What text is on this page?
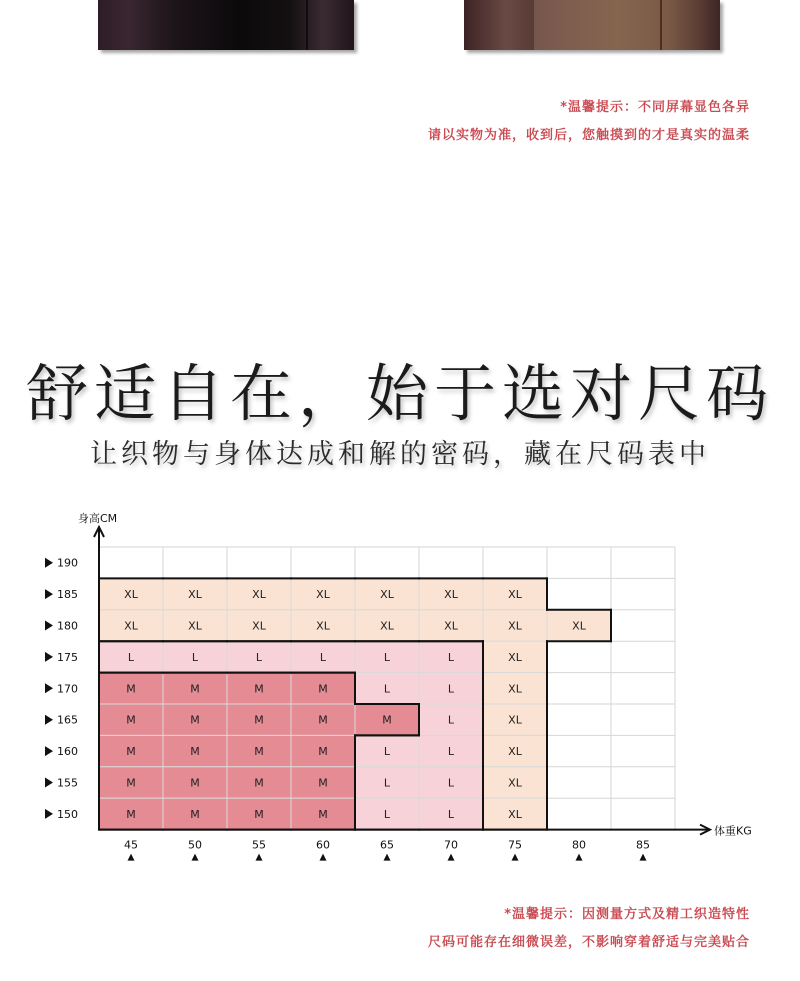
*温馨提示：不同屏幕显色各异
请以实物为准，收到后，您触摸到的才是真实的温柔
舒适自在，始于选对尺码
让织物与身体达成和解的密码，藏在尺码表中
XL	XL	XL	XL	XL	XL	XL
XL	XL	XL	XL	XL	XL	XL	XL
L	L	L	L	L	L	XL
M	M	M	M	L	L	XL
M	M	M	M	M	L	XL
M	M	M	M	L	L	XL
M	M	M	M	L	L	XL
M	M	M	M	L	L	XL
身高CM
体重KG
190
185
180
175
170
165
160
155
150
45	50	55	60	65	70	75	80	85
*温馨提示：因测量方式及精工织造特性
尺码可能存在细微误差，不影响穿着舒适与完美贴合
